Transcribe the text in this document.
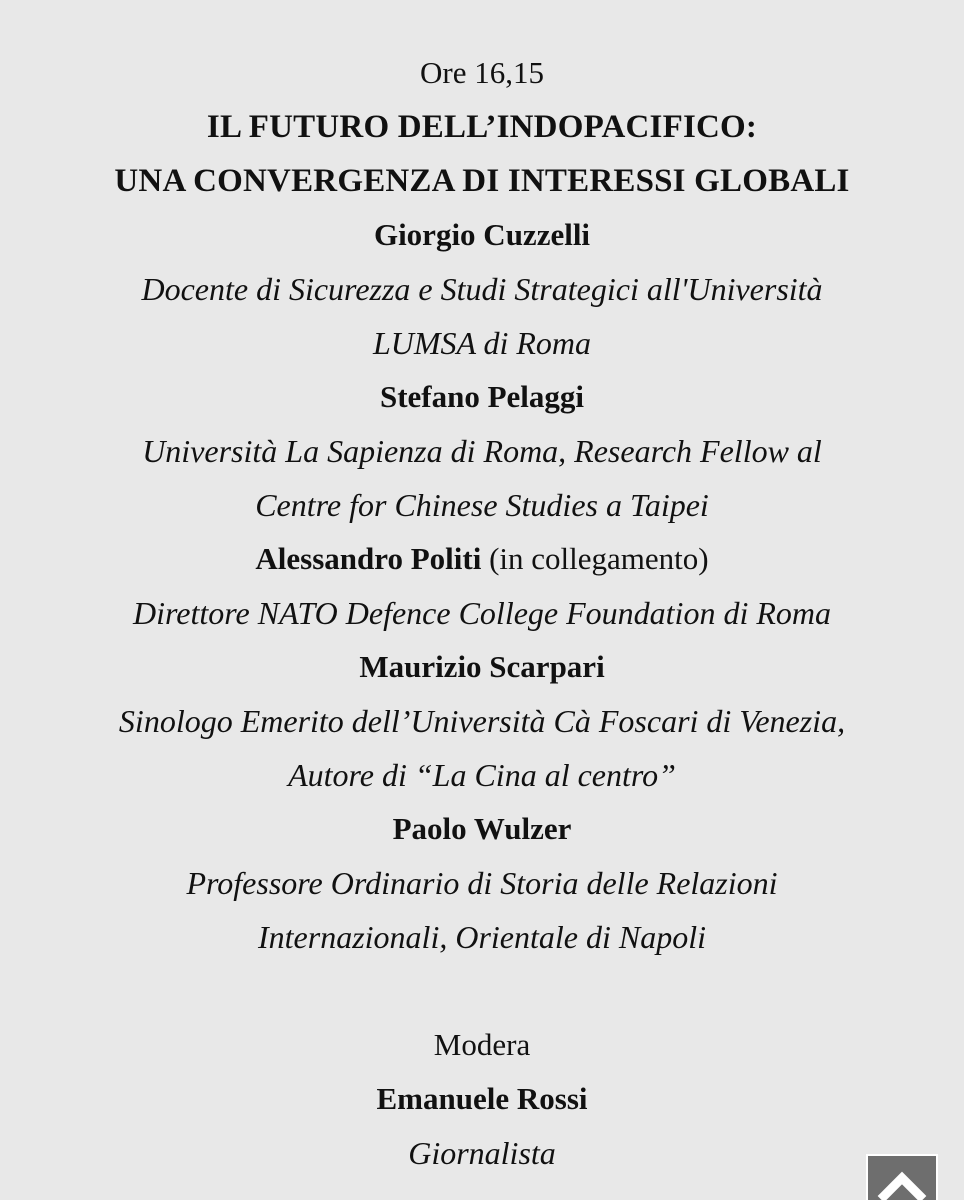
Ore 16,15
IL FUTURO DELL’INDOPACIFICO:
UNA CONVERGENZA DI INTERESSI GLOBALI
Giorgio Cuzzelli
Docente di Sicurezza e Studi Strategici all'Università
LUMSA di Roma
Stefano Pelaggi
Università La Sapienza di Roma, Research Fellow al
Centre for Chinese Studies a Taipei
Alessandro Politi (in collegamento)
Direttore NATO Defence College Foundation di Roma
Maurizio Scarpari
Sinologo Emerito dell’Università Cà Foscari di Venezia,
Autore di “La Cina al centro”
Paolo Wulzer
Professore Ordinario di Storia delle Relazioni
Internazionali, Orientale di Napoli
Modera
Emanuele Rossi
Giornalista
